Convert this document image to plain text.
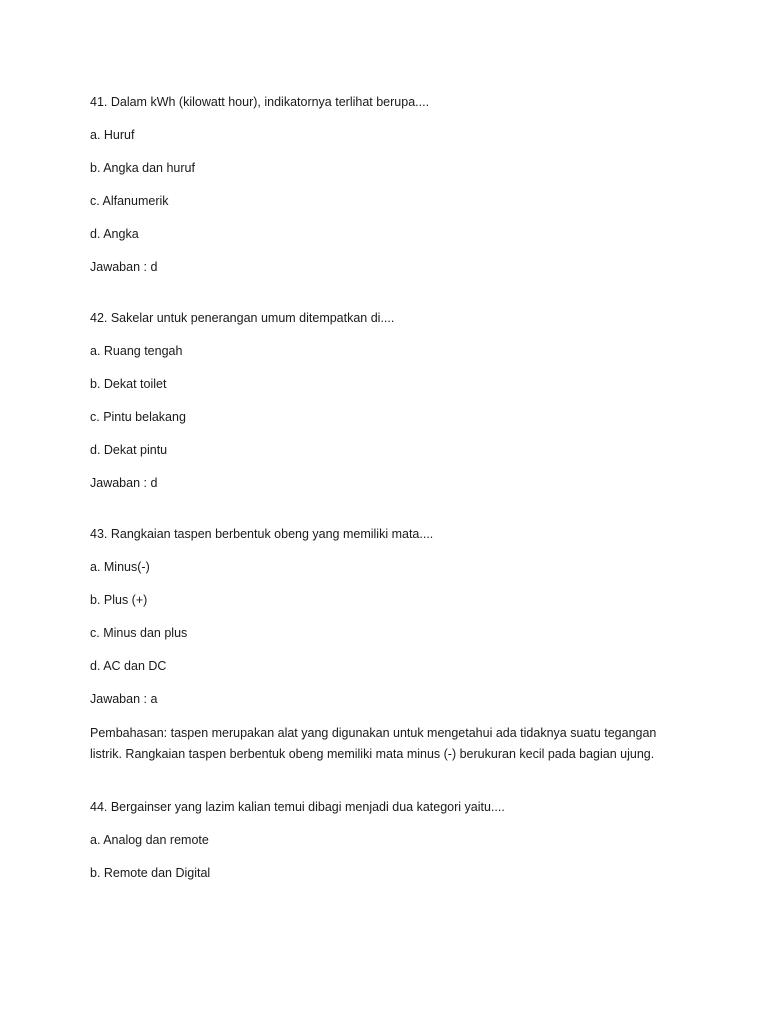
41. Dalam kWh (kilowatt hour), indikatornya terlihat berupa....
a. Huruf
b. Angka dan huruf
c. Alfanumerik
d. Angka
Jawaban : d
42. Sakelar untuk penerangan umum ditempatkan di....
a. Ruang tengah
b. Dekat toilet
c. Pintu belakang
d. Dekat pintu
Jawaban : d
43. Rangkaian taspen berbentuk obeng yang memiliki mata....
a. Minus(-)
b. Plus (+)
c. Minus dan plus
d. AC dan DC
Jawaban : a
Pembahasan: taspen merupakan alat yang digunakan untuk mengetahui ada tidaknya suatu tegangan listrik. Rangkaian taspen berbentuk obeng memiliki mata minus (-) berukuran kecil pada bagian ujung.
44. Bergainser yang lazim kalian temui dibagi menjadi dua kategori yaitu....
a. Analog dan remote
b. Remote dan Digital
